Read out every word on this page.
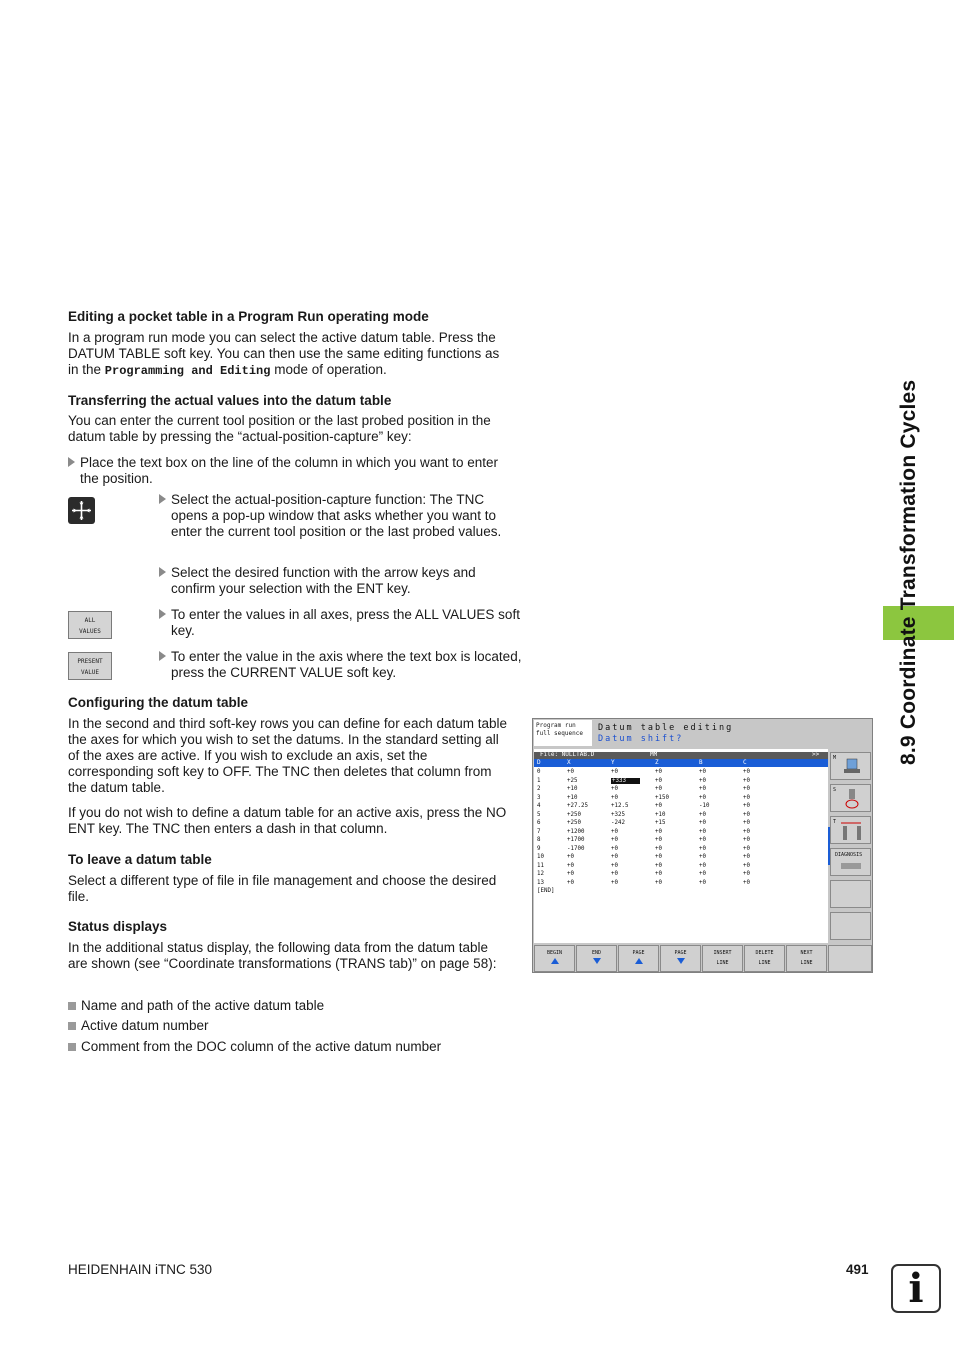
8.9 Coordinate Transformation Cycles
Editing a pocket table in a Program Run operating mode
In a program run mode you can select the active datum table. Press the DATUM TABLE soft key. You can then use the same editing functions as in the Programming and Editing mode of operation.
Transferring the actual values into the datum table
You can enter the current tool position or the last probed position in the datum table by pressing the “actual-position-capture” key:
Place the text box on the line of the column in which you want to enter the position.
Select the actual-position-capture function: The TNC opens a pop-up window that asks whether you want to enter the current tool position or the last probed values.
Select the desired function with the arrow keys and confirm your selection with the ENT key.
ALL
VALUES
To enter the values in all axes, press the ALL VALUES soft key.
PRESENT
VALUE
To enter the value in the axis where the text box is located, press the CURRENT VALUE soft key.
Configuring the datum table
In the second and third soft-key rows you can define for each datum table the axes for which you wish to set the datums. In the standard setting all of the axes are active. If you wish to exclude an axis, set the corresponding soft key to OFF. The TNC then deletes that column from the datum table.
If you do not wish to define a datum table for an active axis, press the NO ENT key. The TNC then enters a dash in that column.
To leave a datum table
Select a different type of file in file management and choose the desired file.
Status displays
In the additional status display, the following data from the datum table are shown (see “Coordinate transformations (TRANS tab)” on page 58):
Name and path of the active datum table
Active datum number
Comment from the DOC column of the active datum number
Program run
full sequence
Datum table editing
Datum shift?
File: NULLTAB.D	MM	>>
D	X	Y	Z	B	C
0	+0	+0	+0	+0	+0
1	+25	+333	+0	+0	+0
2	+10	+0	+0	+0	+0
3	+10	+0	+150	+0	+0
4	+27.25	+12.5	+0	-10	+0
5	+250	+325	+10	+0	+0
6	+250	-242	+15	+0	+0
7	+1200	+0	+0	+0	+0
8	+1700	+0	+0	+0	+0
9	-1700	+0	+0	+0	+0
10	+0	+0	+0	+0	+0
11	+0	+0	+0	+0	+0
12	+0	+0	+0	+0	+0
13	+0	+0	+0	+0	+0
[END]
M
S
T
DIAGNOSIS
BEGIN	END	PAGE	PAGE	INSERT
LINE
DELETE
LINE
NEXT
LINE
HEIDENHAIN iTNC 530	491 i
